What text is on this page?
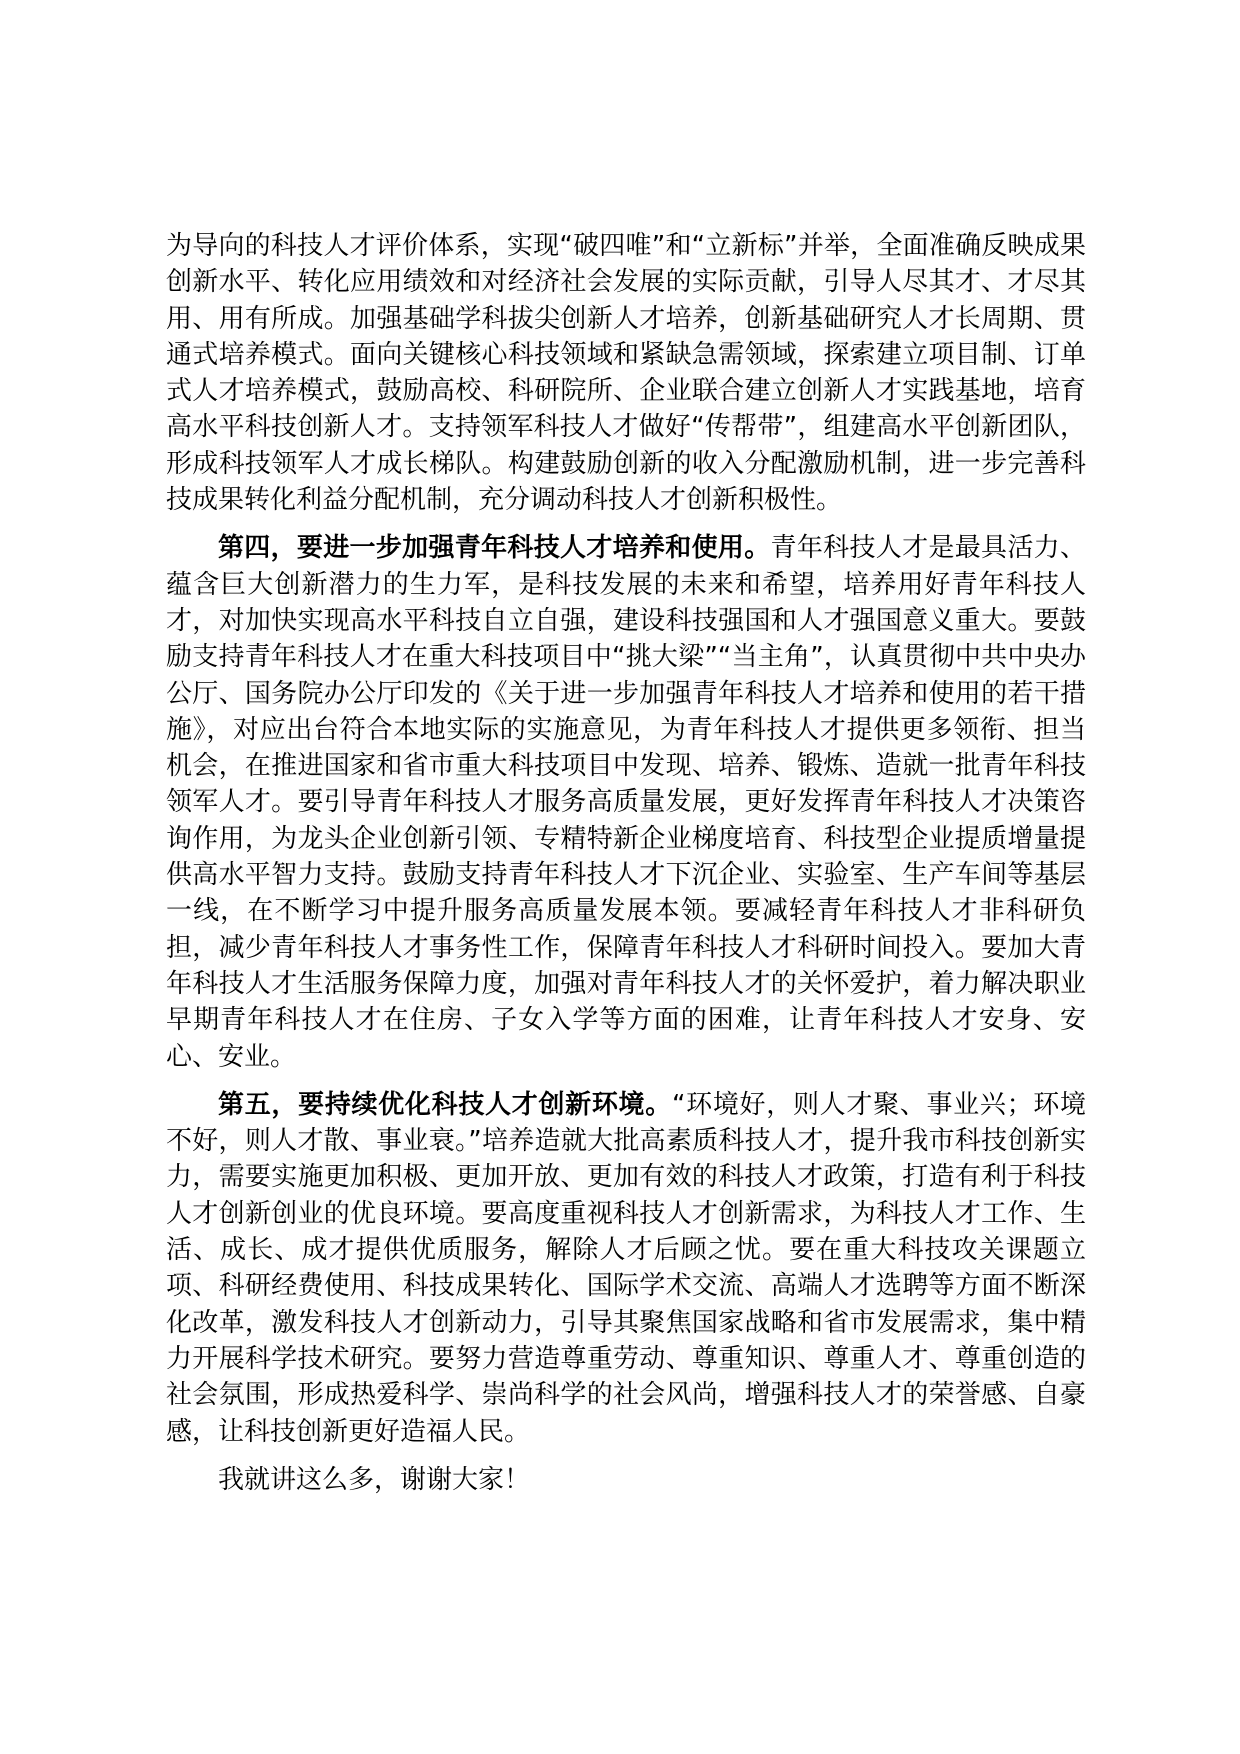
为导向的科技人才评价体系，实现“破四唯”和“立新标”并举，全面准确反映成果创新水平、转化应用绩效和对经济社会发展的实际贡献，引导人尽其才、才尽其用、用有所成。加强基础学科拔尖创新人才培养，创新基础研究人才长周期、贯通式培养模式。面向关键核心科技领域和紧缺急需领域，探索建立项目制、订单式人才培养模式，鼓励高校、科研院所、企业联合建立创新人才实践基地，培育高水平科技创新人才。支持领军科技人才做好“传帮带”，组建高水平创新团队，形成科技领军人才成长梯队。构建鼓励创新的收入分配激励机制，进一步完善科技成果转化利益分配机制，充分调动科技人才创新积极性。

第四，要进一步加强青年科技人才培养和使用。青年科技人才是最具活力、蕴含巨大创新潜力的生力军，是科技发展的未来和希望，培养用好青年科技人才，对加快实现高水平科技自立自强，建设科技强国和人才强国意义重大。要鼓励支持青年科技人才在重大科技项目中“挑大梁”“当主角”，认真贯彻中共中央办公厅、国务院办公厅印发的《关于进一步加强青年科技人才培养和使用的若干措施》，对应出台符合本地实际的实施意见，为青年科技人才提供更多领衔、担当机会，在推进国家和省市重大科技项目中发现、培养、锻炼、造就一批青年科技领军人才。要引导青年科技人才服务高质量发展，更好发挥青年科技人才决策咨询作用，为龙头企业创新引领、专精特新企业梯度培育、科技型企业提质增量提供高水平智力支持。鼓励支持青年科技人才下沉企业、实验室、生产车间等基层一线，在不断学习中提升服务高质量发展本领。要减轻青年科技人才非科研负担，减少青年科技人才事务性工作，保障青年科技人才科研时间投入。要加大青年科技人才生活服务保障力度，加强对青年科技人才的关怀爱护，着力解决职业早期青年科技人才在住房、子女入学等方面的困难，让青年科技人才安身、安心、安业。

第五，要持续优化科技人才创新环境。“环境好，则人才聚、事业兴；环境不好，则人才散、事业衰。”培养造就大批高素质科技人才，提升我市科技创新实力，需要实施更加积极、更加开放、更加有效的科技人才政策，打造有利于科技人才创新创业的优良环境。要高度重视科技人才创新需求，为科技人才工作、生活、成长、成才提供优质服务，解除人才后顾之忧。要在重大科技攻关课题立项、科研经费使用、科技成果转化、国际学术交流、高端人才选聘等方面不断深化改革，激发科技人才创新动力，引导其聚焦国家战略和省市发展需求，集中精力开展科学技术研究。要努力营造尊重劳动、尊重知识、尊重人才、尊重创造的社会氛围，形成热爱科学、崇尚科学的社会风尚，增强科技人才的荣誉感、自豪感，让科技创新更好造福人民。

我就讲这么多，谢谢大家！
